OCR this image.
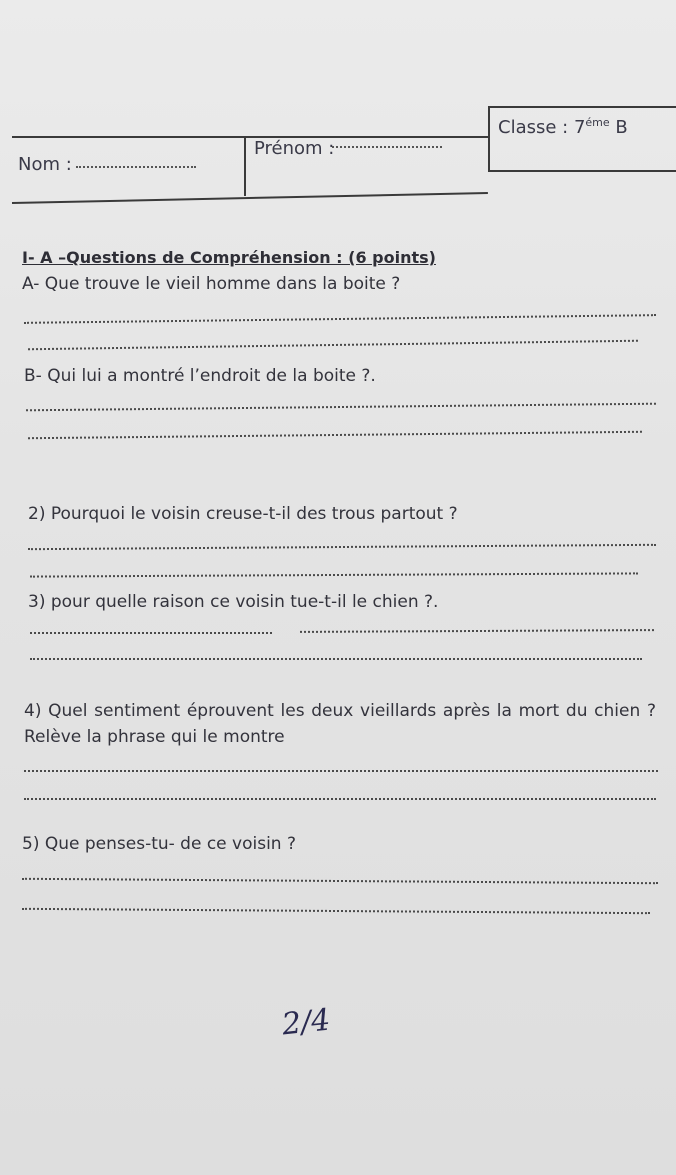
Nom :
Prénom :
Classe : $7^{éme}$ B
I- A –Questions de Compréhension : (6 points)
A- Que trouve le vieil homme dans la boite ?
B- Qui lui a montré l’endroit de la boite ?.
2) Pourquoi le voisin creuse-t-il des trous partout ?
3) pour quelle raison ce voisin tue-t-il le chien ?.
4) Quel sentiment éprouvent les deux vieillards après la mort du chien ? Relève la phrase qui le montre
5) Que penses-tu- de ce voisin ?
2/4
